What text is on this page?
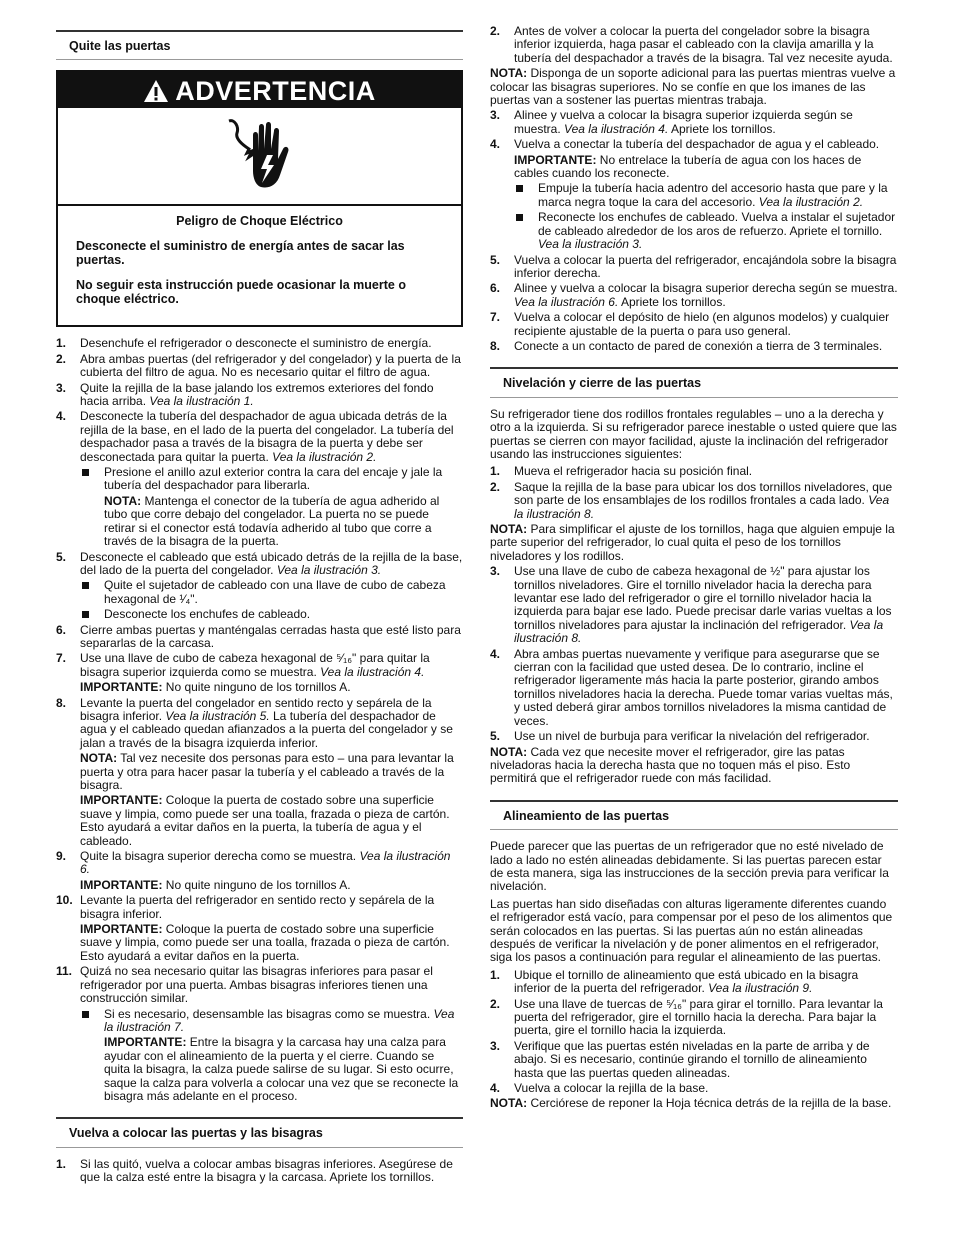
Quite las puertas
ADVERTENCIA

Peligro de Choque Eléctrico

Desconecte el suministro de energía antes de sacar las puertas.

No seguir esta instrucción puede ocasionar la muerte o choque eléctrico.

1. Desenchufe el refrigerador o desconecte el suministro de energía.
2. Abra ambas puertas (del refrigerador y del congelador) y la puerta de la cubierta del filtro de agua. No es necesario quitar el filtro de agua.
3. Quite la rejilla de la base jalando los extremos exteriores del fondo hacia arriba. Vea la ilustración 1.
4. Desconecte la tubería del despachador de agua ubicada detrás de la rejilla de la base, en el lado de la puerta del congelador. La tubería del despachador pasa a través de la bisagra de la puerta y debe ser desconectada para quitar la puerta. Vea la ilustración 2.
Presione el anillo azul exterior contra la cara del encaje y jale la tubería del despachador para liberarla.
NOTA: Mantenga el conector de la tubería de agua adherido al tubo que corre debajo del congelador. La puerta no se puede retirar si el conector está todavía adherido al tubo que corre a través de la bisagra de la puerta.
5. Desconecte el cableado que está ubicado detrás de la rejilla de la base, del lado de la puerta del congelador. Vea la ilustración 3.
Quite el sujetador de cableado con una llave de cubo de cabeza hexagonal de ¹⁄₄".
Desconecte los enchufes de cableado.
6. Cierre ambas puertas y manténgalas cerradas hasta que esté listo para separarlas de la carcasa.
7. Use una llave de cubo de cabeza hexagonal de ⁵⁄₁₆" para quitar la bisagra superior izquierda como se muestra. Vea la ilustración 4.
IMPORTANTE: No quite ninguno de los tornillos A.
8. Levante la puerta del congelador en sentido recto y sepárela de la bisagra inferior. Vea la ilustración 5. La tubería del despachador de agua y el cableado quedan afianzados a la puerta del congelador y se jalan a través de la bisagra izquierda inferior.
NOTA: Tal vez necesite dos personas para esto – una para levantar la puerta y otra para hacer pasar la tubería y el cableado a través de la bisagra.
IMPORTANTE: Coloque la puerta de costado sobre una superficie suave y limpia, como puede ser una toalla, frazada o pieza de cartón. Esto ayudará a evitar daños en la puerta, la tubería de agua y el cableado.
9. Quite la bisagra superior derecha como se muestra. Vea la ilustración 6.
IMPORTANTE: No quite ninguno de los tornillos A.
10. Levante la puerta del refrigerador en sentido recto y sepárela de la bisagra inferior.
IMPORTANTE: Coloque la puerta de costado sobre una superficie suave y limpia, como puede ser una toalla, frazada o pieza de cartón. Esto ayudará a evitar daños en la puerta.
11. Quizá no sea necesario quitar las bisagras inferiores para pasar el refrigerador por una puerta. Ambas bisagras inferiores tienen una construcción similar.
Si es necesario, desensamble las bisagras como se muestra. Vea la ilustración 7.
IMPORTANTE: Entre la bisagra y la carcasa hay una calza para ayudar con el alineamiento de la puerta y el cierre. Cuando se quita la bisagra, la calza puede salirse de su lugar. Si esto ocurre, saque la calza para volverla a colocar una vez que se reconecte la bisagra más adelante en el proceso.
Vuelva a colocar las puertas y las bisagras
1. Si las quitó, vuelva a colocar ambas bisagras inferiores. Asegúrese de que la calza esté entre la bisagra y la carcasa. Apriete los tornillos.
2. Antes de volver a colocar la puerta del congelador sobre la bisagra inferior izquierda, haga pasar el cableado con la clavija amarilla y la tubería del despachador a través de la bisagra. Tal vez necesite ayuda.
NOTA: Disponga de un soporte adicional para las puertas mientras vuelve a colocar las bisagras superiores. No se confíe en que los imanes de las puertas van a sostener las puertas mientras trabaja.
3. Alinee y vuelva a colocar la bisagra superior izquierda según se muestra. Vea la ilustración 4. Apriete los tornillos.
4. Vuelva a conectar la tubería del despachador de agua y el cableado.
IMPORTANTE: No entrelace la tubería de agua con los haces de cables cuando los reconecte.
Empuje la tubería hacia adentro del accesorio hasta que pare y la marca negra toque la cara del accesorio. Vea la ilustración 2.
Reconecte los enchufes de cableado. Vuelva a instalar el sujetador de cableado alrededor de los aros de refuerzo. Apriete el tornillo. Vea la ilustración 3.
5. Vuelva a colocar la puerta del refrigerador, encajándola sobre la bisagra inferior derecha.
6. Alinee y vuelva a colocar la bisagra superior derecha según se muestra. Vea la ilustración 6. Apriete los tornillos.
7. Vuelva a colocar el depósito de hielo (en algunos modelos) y cualquier recipiente ajustable de la puerta o para uso general.
8. Conecte a un contacto de pared de conexión a tierra de 3 terminales.
Nivelación y cierre de las puertas

Su refrigerador tiene dos rodillos frontales regulables – uno a la derecha y otro a la izquierda. Si su refrigerador parece inestable o usted quiere que las puertas se cierren con mayor facilidad, ajuste la inclinación del refrigerador usando las instrucciones siguientes:

1. Mueva el refrigerador hacia su posición final.
2. Saque la rejilla de la base para ubicar los dos tornillos niveladores, que son parte de los ensamblajes de los rodillos frontales a cada lado. Vea la ilustración 8.
NOTA: Para simplificar el ajuste de los tornillos, haga que alguien empuje la parte superior del refrigerador, lo cual quita el peso de los tornillos niveladores y los rodillos.
3. Use una llave de cubo de cabeza hexagonal de ½" para ajustar los tornillos niveladores. Gire el tornillo nivelador hacia la derecha para levantar ese lado del refrigerador o gire el tornillo nivelador hacia la izquierda para bajar ese lado. Puede precisar darle varias vueltas a los tornillos niveladores para ajustar la inclinación del refrigerador. Vea la ilustración 8.
4. Abra ambas puertas nuevamente y verifique para asegurarse que se cierran con la facilidad que usted desea. De lo contrario, incline el refrigerador ligeramente más hacia la parte posterior, girando ambos tornillos niveladores hacia la derecha. Puede tomar varias vueltas más, y usted deberá girar ambos tornillos niveladores la misma cantidad de veces.
5. Use un nivel de burbuja para verificar la nivelación del refrigerador.
NOTA: Cada vez que necesite mover el refrigerador, gire las patas niveladoras hacia la derecha hasta que no toquen más el piso. Esto permitirá que el refrigerador ruede con más facilidad.
Alineamiento de las puertas

Puede parecer que las puertas de un refrigerador que no esté nivelado de lado a lado no estén alineadas debidamente. Si las puertas parecen estar de esta manera, siga las instrucciones de la sección previa para verificar la nivelación.

Las puertas han sido diseñadas con alturas ligeramente diferentes cuando el refrigerador está vacío, para compensar por el peso de los alimentos que serán colocados en las puertas. Si las puertas aún no están alineadas después de verificar la nivelación y de poner alimentos en el refrigerador, siga los pasos a continuación para regular el alineamiento de las puertas.

1. Ubique el tornillo de alineamiento que está ubicado en la bisagra inferior de la puerta del refrigerador. Vea la ilustración 9.
2. Use una llave de tuercas de ⁵⁄₁₆" para girar el tornillo. Para levantar la puerta del refrigerador, gire el tornillo hacia la derecha. Para bajar la puerta, gire el tornillo hacia la izquierda.
3. Verifique que las puertas estén niveladas en la parte de arriba y de abajo. Si es necesario, continúe girando el tornillo de alineamiento hasta que las puertas queden alineadas.
4. Vuelva a colocar la rejilla de la base.
NOTA: Cerciórese de reponer la Hoja técnica detrás de la rejilla de la base.
